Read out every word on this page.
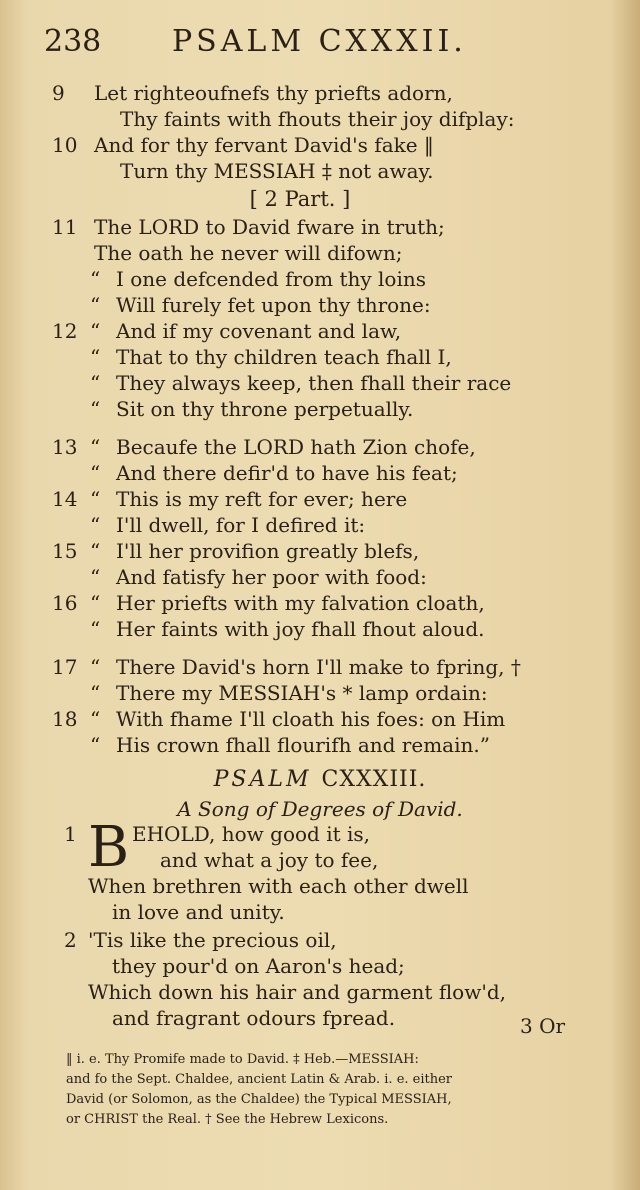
238 PSALM CXXXII.
9	Let righteoufnefs thy priefts adorn,
Thy faints with fhouts their joy difplay:
10 And for thy fervant David's fake ‖
Turn thy MESSIAH ‡ not away.
[ 2 Part. ]
11 The LORD to David fware in truth;
The oath he never will difown;
“ I one defcended from thy loins
“ Will furely fet upon thy throne:
12 “ And if my covenant and law,
“ That to thy children teach fhall I,
“ They always keep, then fhall their race
“ Sit on thy throne perpetually.
13 “ Becaufe the LORD hath Zion chofe,
“ And there defir'd to have his feat;
14 “ This is my reft for ever; here
“ I'll dwell, for I defired it:
15 “ I'll her provifion greatly blefs,
“ And fatisfy her poor with food:
16 “ Her priefts with my falvation cloath,
“ Her faints with joy fhall fhout aloud.
17 “ There David's horn I'll make to fpring, †
“ There my MESSIAH's * lamp ordain:
18 “ With fhame I'll cloath his foes: on Him
“ His crown fhall flourifh and remain.”
PSALM CXXXIII.
A Song of Degrees of David.
B
1	EHOLD, how good it is,
and what a joy to fee,
When brethren with each other dwell
in love and unity.
2 'Tis like the precious oil,
they pour'd on Aaron's head;
Which down his hair and garment flow'd,
and fragrant odours fpread.	3 Or
‖ i. e. Thy Promife made to David. ‡ Heb.—MESSIAH:
and fo the Sept. Chaldee, ancient Latin & Arab. i. e. either
David (or Solomon, as the Chaldee) the Typical MESSIAH,
or CHRIST the Real. † See the Hebrew Lexicons.
